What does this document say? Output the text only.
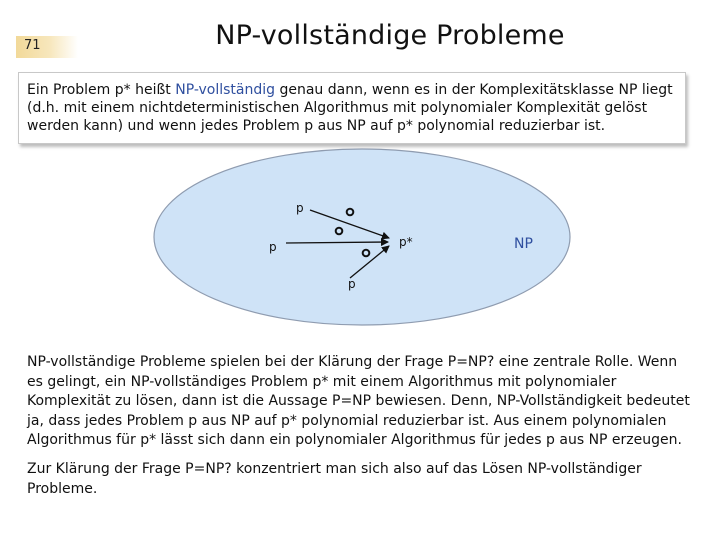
71	NP-vollständige Probleme
Ein Problem p* heißt NP-vollständig genau dann, wenn es in der Komplexitätsklasse NP liegt (d.h. mit einem nichtdeterministischen Algorithmus mit polynomialer Komplexität gelöst werden kann) und wenn jedes Problem p aus NP auf p* polynomial reduzierbar ist.
p
p
p
p*	NP
NP-vollständige Probleme spielen bei der Klärung der Frage P=NP? eine zentrale Rolle. Wenn es gelingt, ein NP-vollständiges Problem p* mit einem Algorithmus mit polynomialer Komplexität zu lösen, dann ist die Aussage P=NP bewiesen. Denn, NP-Vollständigkeit bedeutet ja, dass jedes Problem p aus NP auf p* polynomial reduzierbar ist. Aus einem polynomialen Algorithmus für p* lässt sich dann ein polynomialer Algorithmus für jedes p aus NP erzeugen.
Zur Klärung der Frage P=NP? konzentriert man sich also auf das Lösen NP-vollständiger Probleme.
